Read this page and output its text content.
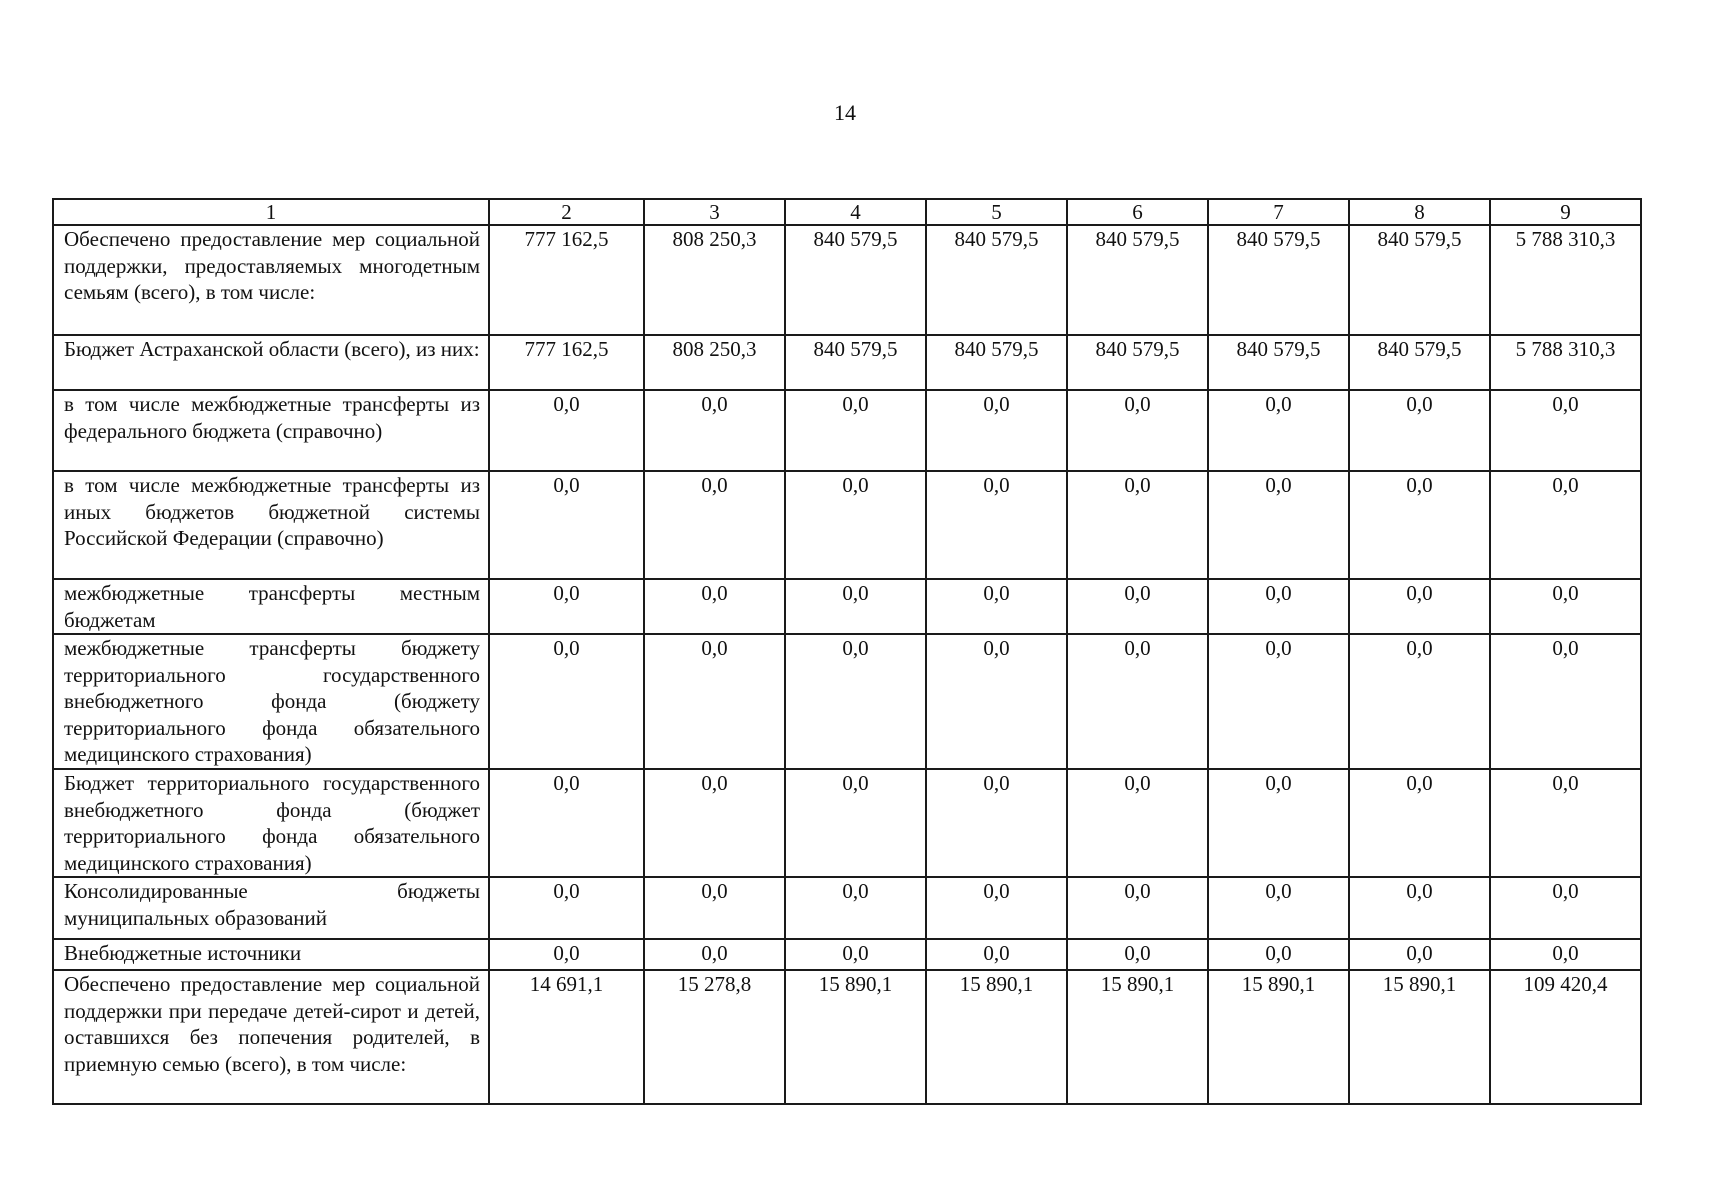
14
1	2	3	4	5	6	7	8	9
Обеспечено предоставление мер социальной поддержки, предоставляемых многодетным семьям (всего), в том числе:	777 162,5	808 250,3	840 579,5	840 579,5	840 579,5	840 579,5	840 579,5	5 788 310,3
Бюджет Астраханской области (всего), из них:	777 162,5	808 250,3	840 579,5	840 579,5	840 579,5	840 579,5	840 579,5	5 788 310,3
в том числе межбюджетные трансферты из федерального бюджета (справочно)	0,0	0,0	0,0	0,0	0,0	0,0	0,0	0,0
в том числе межбюджетные трансферты из иных бюджетов бюджетной системы Российской Федерации (справочно)	0,0	0,0	0,0	0,0	0,0	0,0	0,0	0,0
межбюджетные трансферты местным бюджетам	0,0	0,0	0,0	0,0	0,0	0,0	0,0	0,0
межбюджетные трансферты бюджету территориального государственного внебюджетного фонда (бюджету территориального фонда обязательного медицинского страхования)	0,0	0,0	0,0	0,0	0,0	0,0	0,0	0,0
Бюджет территориального государственного внебюджетного фонда (бюджет территориального фонда обязательного медицинского страхования)	0,0	0,0	0,0	0,0	0,0	0,0	0,0	0,0
Консолидированные бюджеты муниципальных образований	0,0	0,0	0,0	0,0	0,0	0,0	0,0	0,0
Внебюджетные источники	0,0	0,0	0,0	0,0	0,0	0,0	0,0	0,0
Обеспечено предоставление мер социальной поддержки при передаче детей-сирот и детей, оставшихся без попечения родителей, в приемную семью (всего), в том числе:	14 691,1	15 278,8	15 890,1	15 890,1	15 890,1	15 890,1	15 890,1	109 420,4
